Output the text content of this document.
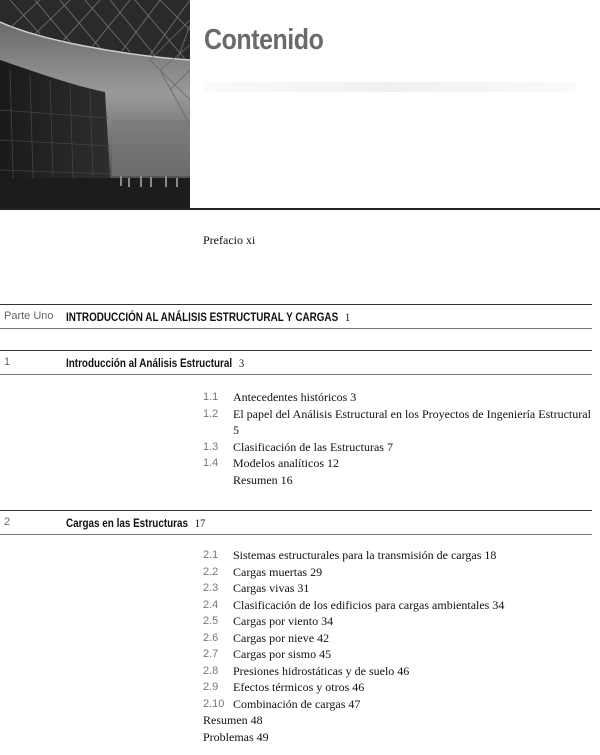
Contenido
Prefacio xi
Parte Uno INTRODUCCIÓN AL ANÁLISIS ESTRUCTURAL Y CARGAS 1
1	Introducción al Análisis Estructural 3
1.1	Antecedentes históricos 3
1.2	El papel del Análisis Estructural en los Proyectos de Ingeniería Estructural 5
1.3	Clasificación de las Estructuras 7
1.4	Modelos analíticos 12
Resumen 16
2	Cargas en las Estructuras 17
2.1	Sistemas estructurales para la transmisión de cargas 18
2.2	Cargas muertas 29
2.3	Cargas vivas 31
2.4	Clasificación de los edificios para cargas ambientales 34
2.5	Cargas por viento 34
2.6	Cargas por nieve 42
2.7	Cargas por sismo 45
2.8	Presiones hidrostáticas y de suelo 46
2.9	Efectos térmicos y otros 46
2.10 Combinación de cargas 47
Resumen 48
Problemas 49
